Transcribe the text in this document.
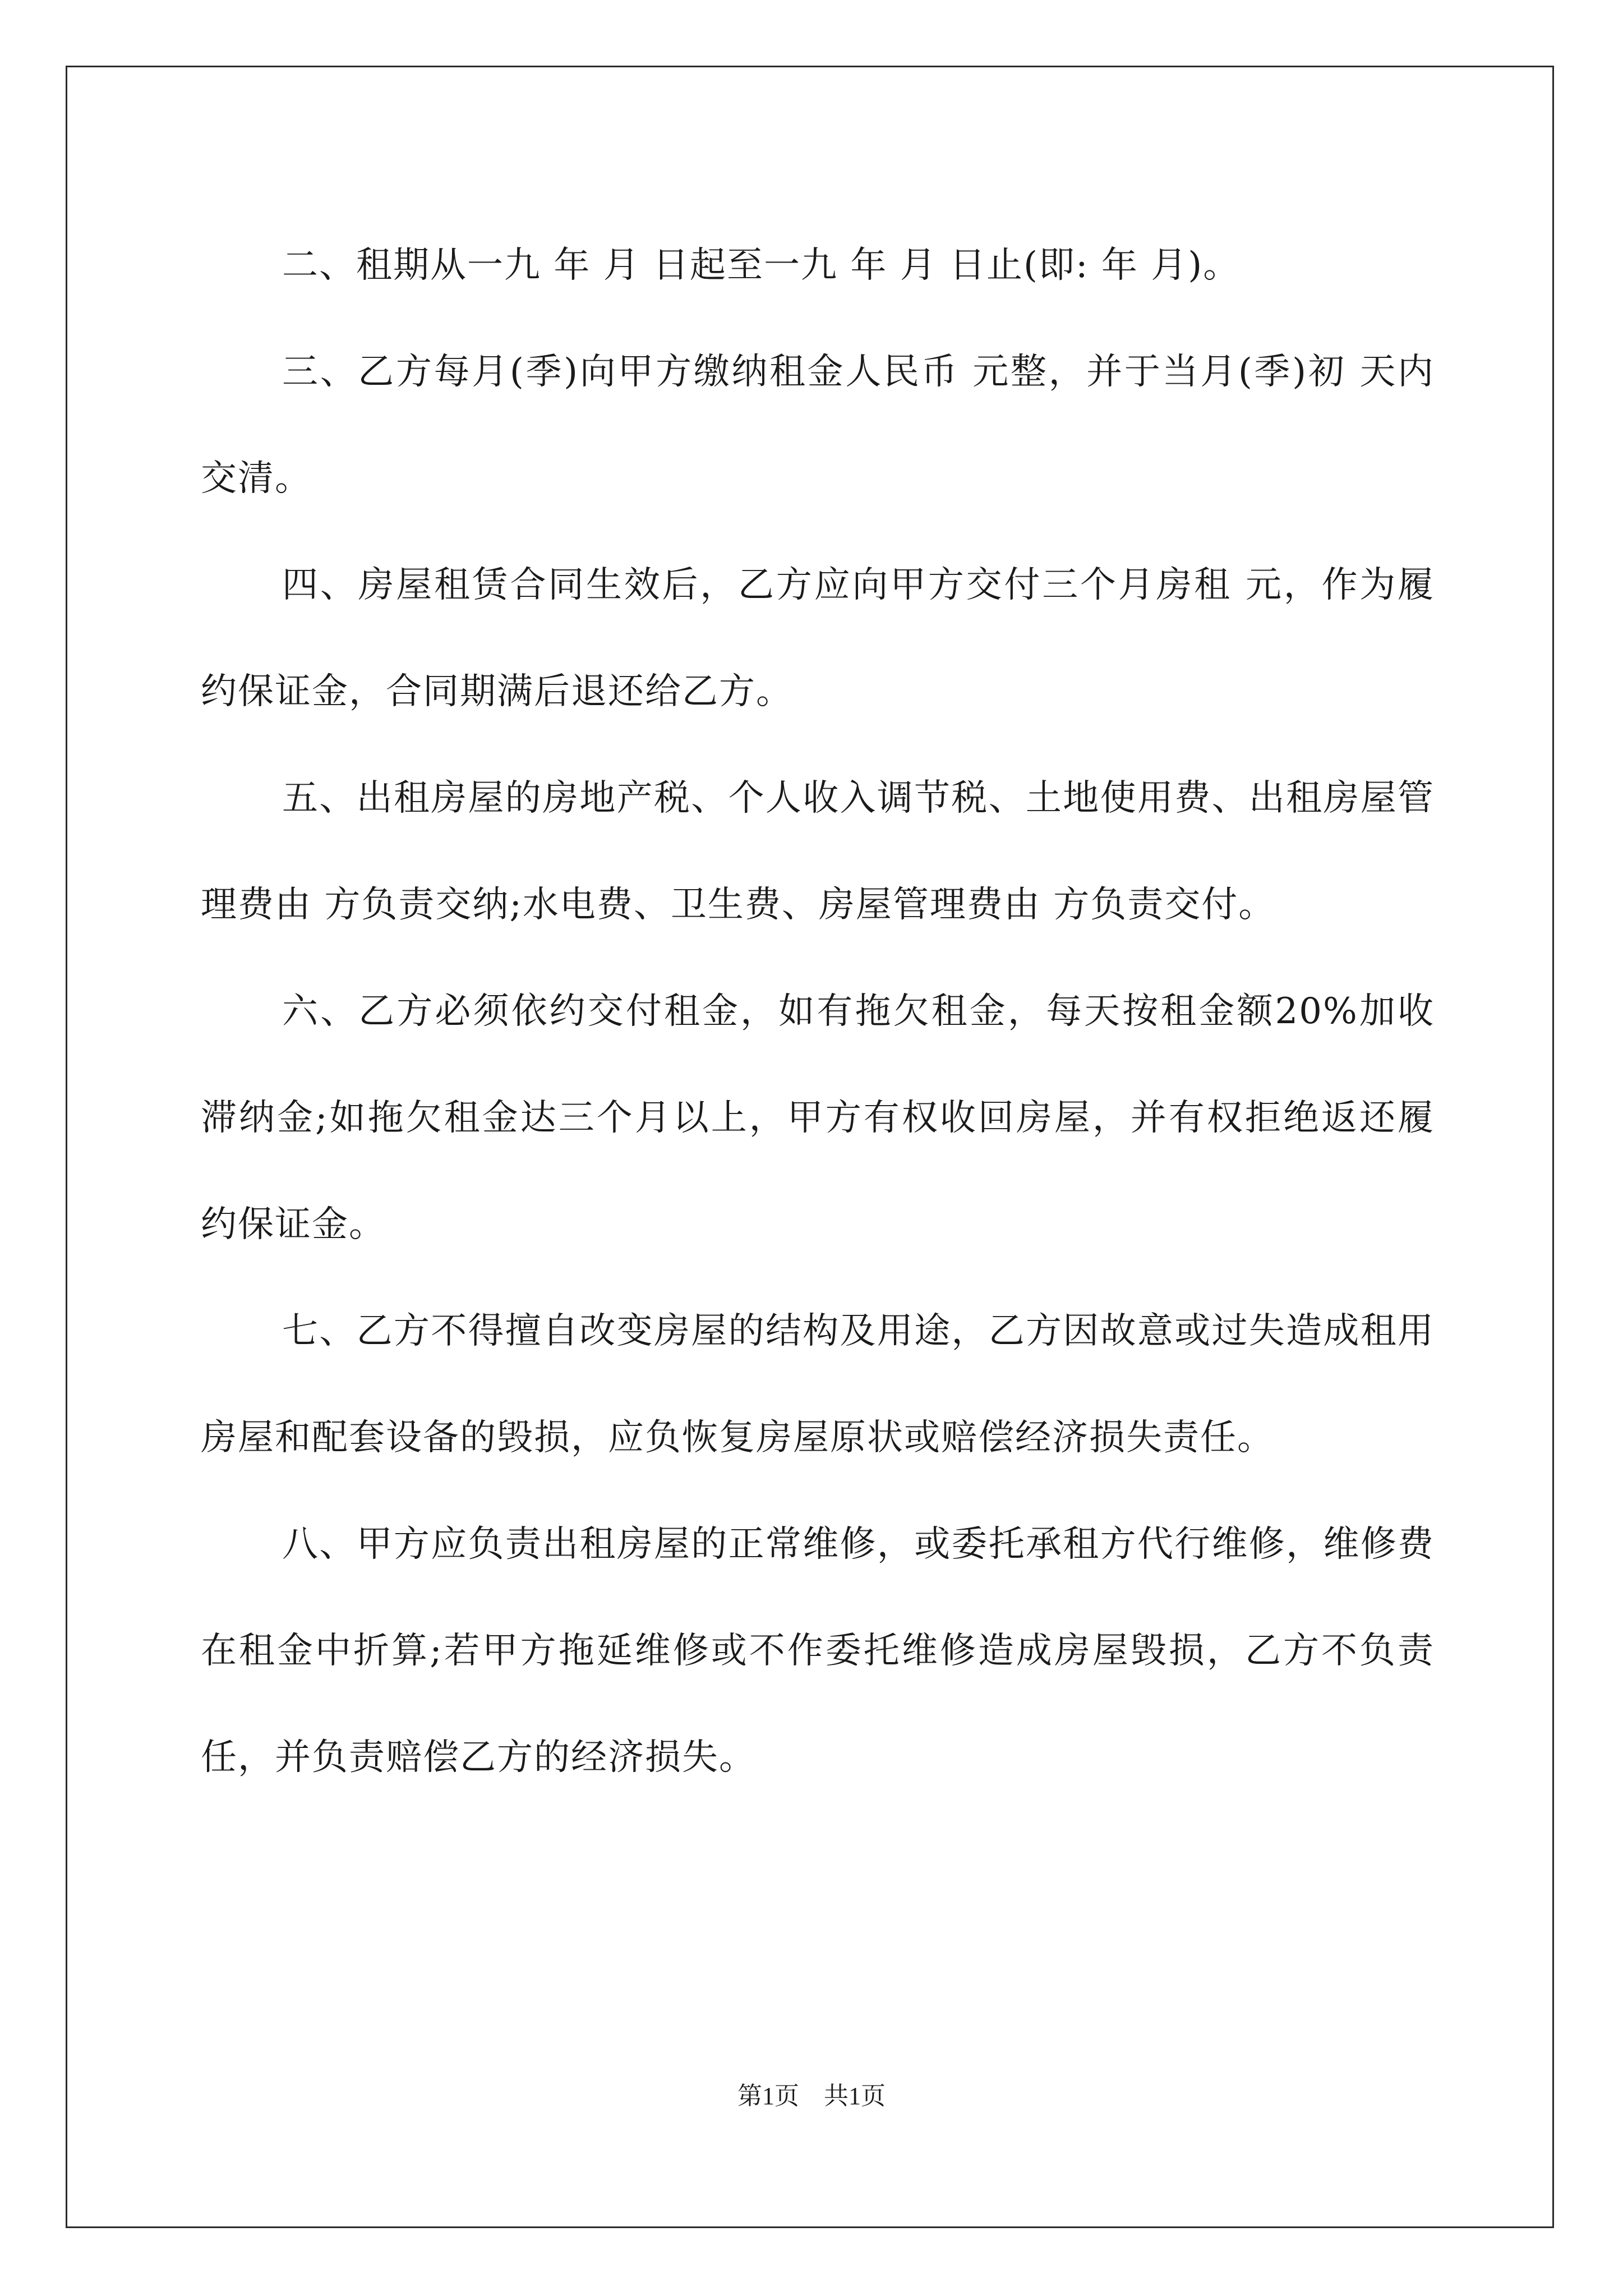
二、租期从一九 年 月 日起至一九 年 月 日止(即: 年 月)。

三、乙方每月(季)向甲方缴纳租金人民币 元整，并于当月(季)初 天内交清。

四、房屋租赁合同生效后，乙方应向甲方交付三个月房租 元，作为履约保证金，合同期满后退还给乙方。

五、出租房屋的房地产税、个人收入调节税、土地使用费、出租房屋管理费由 方负责交纳;水电费、卫生费、房屋管理费由 方负责交付。

六、乙方必须依约交付租金，如有拖欠租金，每天按租金额20%加收滞纳金;如拖欠租金达三个月以上，甲方有权收回房屋，并有权拒绝返还履约保证金。

七、乙方不得擅自改变房屋的结构及用途，乙方因故意或过失造成租用房屋和配套设备的毁损，应负恢复房屋原状或赔偿经济损失责任。

八、甲方应负责出租房屋的正常维修，或委托承租方代行维修，维修费在租金中折算;若甲方拖延维修或不作委托维修造成房屋毁损，乙方不负责任，并负责赔偿乙方的经济损失。

第1页　共1页
